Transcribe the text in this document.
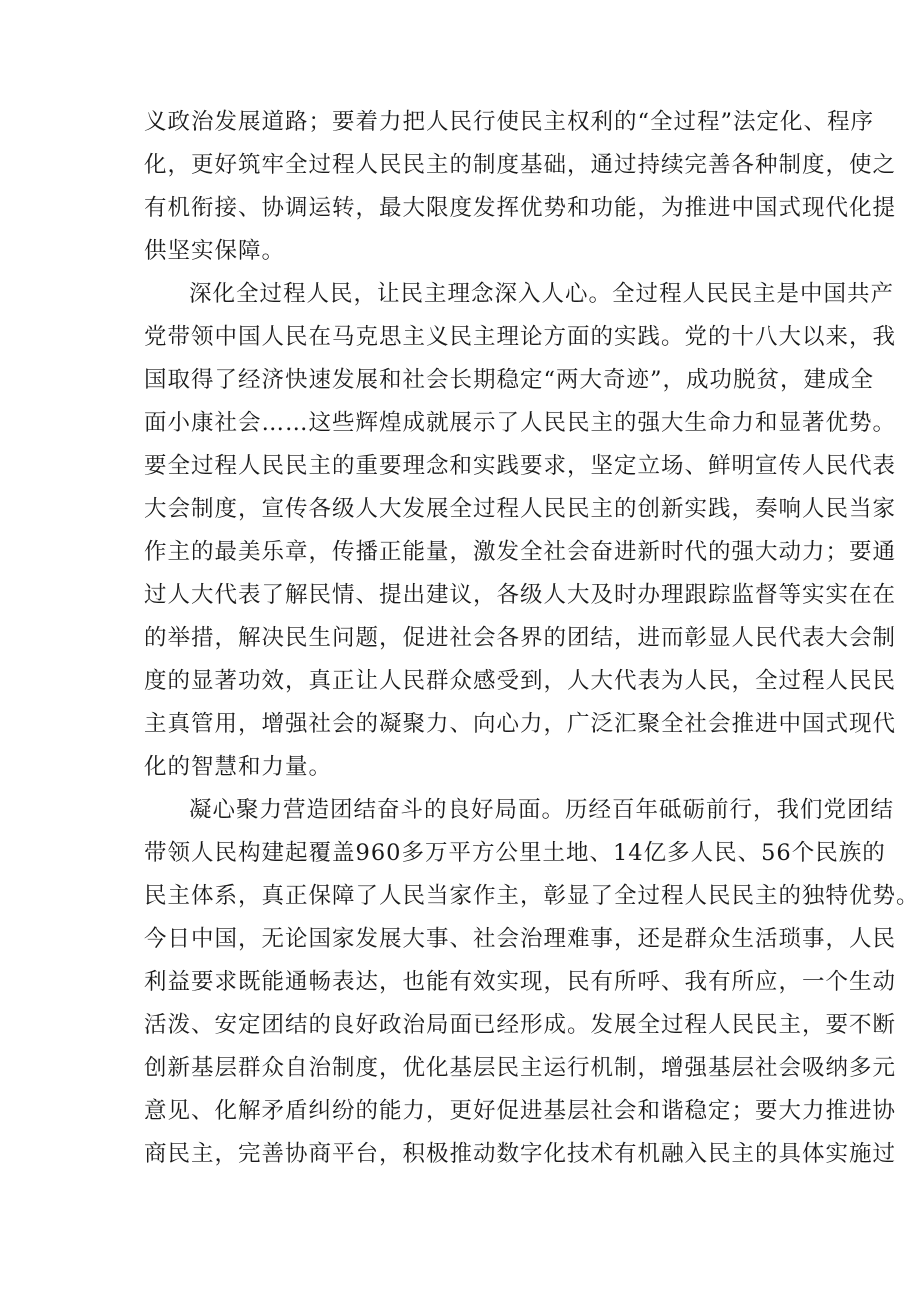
义政治发展道路；要着力把人民行使民主权利的“全过程”法定化、程序
化，更好筑牢全过程人民民主的制度基础，通过持续完善各种制度，使之
有机衔接、协调运转，最大限度发挥优势和功能，为推进中国式现代化提
供坚实保障。
深化全过程人民，让民主理念深入人心。全过程人民民主是中国共产
党带领中国人民在马克思主义民主理论方面的实践。党的十八大以来，我
国取得了经济快速发展和社会长期稳定“两大奇迹”，成功脱贫，建成全
面小康社会……这些辉煌成就展示了人民民主的强大生命力和显著优势。
要全过程人民民主的重要理念和实践要求，坚定立场、鲜明宣传人民代表
大会制度，宣传各级人大发展全过程人民民主的创新实践，奏响人民当家
作主的最美乐章，传播正能量，激发全社会奋进新时代的强大动力；要通
过人大代表了解民情、提出建议，各级人大及时办理跟踪监督等实实在在
的举措，解决民生问题，促进社会各界的团结，进而彰显人民代表大会制
度的显著功效，真正让人民群众感受到，人大代表为人民，全过程人民民
主真管用，增强社会的凝聚力、向心力，广泛汇聚全社会推进中国式现代
化的智慧和力量。
凝心聚力营造团结奋斗的良好局面。历经百年砥砺前行，我们党团结
带领人民构建起覆盖960多万平方公里土地、14亿多人民、56个民族的
民主体系，真正保障了人民当家作主，彰显了全过程人民民主的独特优势。
今日中国，无论国家发展大事、社会治理难事，还是群众生活琐事，人民
利益要求既能通畅表达，也能有效实现，民有所呼、我有所应，一个生动
活泼、安定团结的良好政治局面已经形成。发展全过程人民民主，要不断
创新基层群众自治制度，优化基层民主运行机制，增强基层社会吸纳多元
意见、化解矛盾纠纷的能力，更好促进基层社会和谐稳定；要大力推进协
商民主，完善协商平台，积极推动数字化技术有机融入民主的具体实施过
